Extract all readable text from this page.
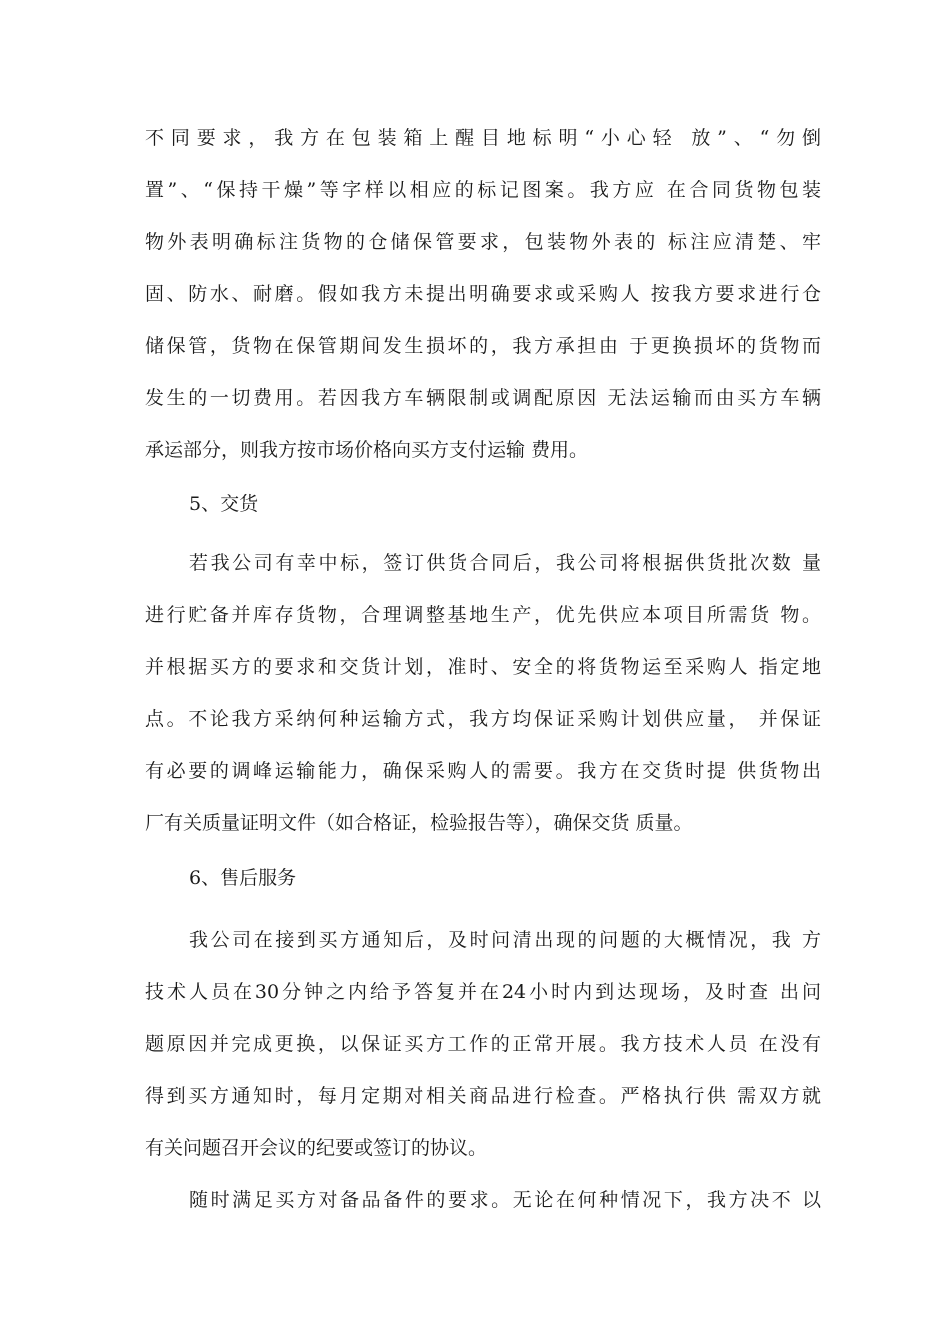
不同要求，我方在包装箱上醒目地标明“小心轻 放”、“勿倒
置”、“保持干燥”等字样以相应的标记图案。我方应 在合同货物包装
物外表明确标注货物的仓储保管要求，包装物外表的 标注应清楚、牢
固、防水、耐磨。假如我方未提出明确要求或采购人 按我方要求进行仓
储保管，货物在保管期间发生损坏的，我方承担由 于更换损坏的货物而
发生的一切费用。若因我方车辆限制或调配原因 无法运输而由买方车辆
承运部分，则我方按市场价格向买方支付运输 费用。
5、交货
若我公司有幸中标，签订供货合同后，我公司将根据供货批次数 量
进行贮备并库存货物，合理调整基地生产，优先供应本项目所需货 物。
并根据买方的要求和交货计划，准时、安全的将货物运至采购人 指定地
点。不论我方采纳何种运输方式，我方均保证采购计划供应量， 并保证
有必要的调峰运输能力，确保采购人的需要。我方在交货时提 供货物出
厂有关质量证明文件（如合格证，检验报告等），确保交货 质量。
6、售后服务
我公司在接到买方通知后，及时问清出现的问题的大概情况，我 方
技术人员在30分钟之内给予答复并在24小时内到达现场，及时查 出问
题原因并完成更换，以保证买方工作的正常开展。我方技术人员 在没有
得到买方通知时，每月定期对相关商品进行检查。严格执行供 需双方就
有关问题召开会议的纪要或签订的协议。
随时满足买方对备品备件的要求。无论在何种情况下，我方决不 以
